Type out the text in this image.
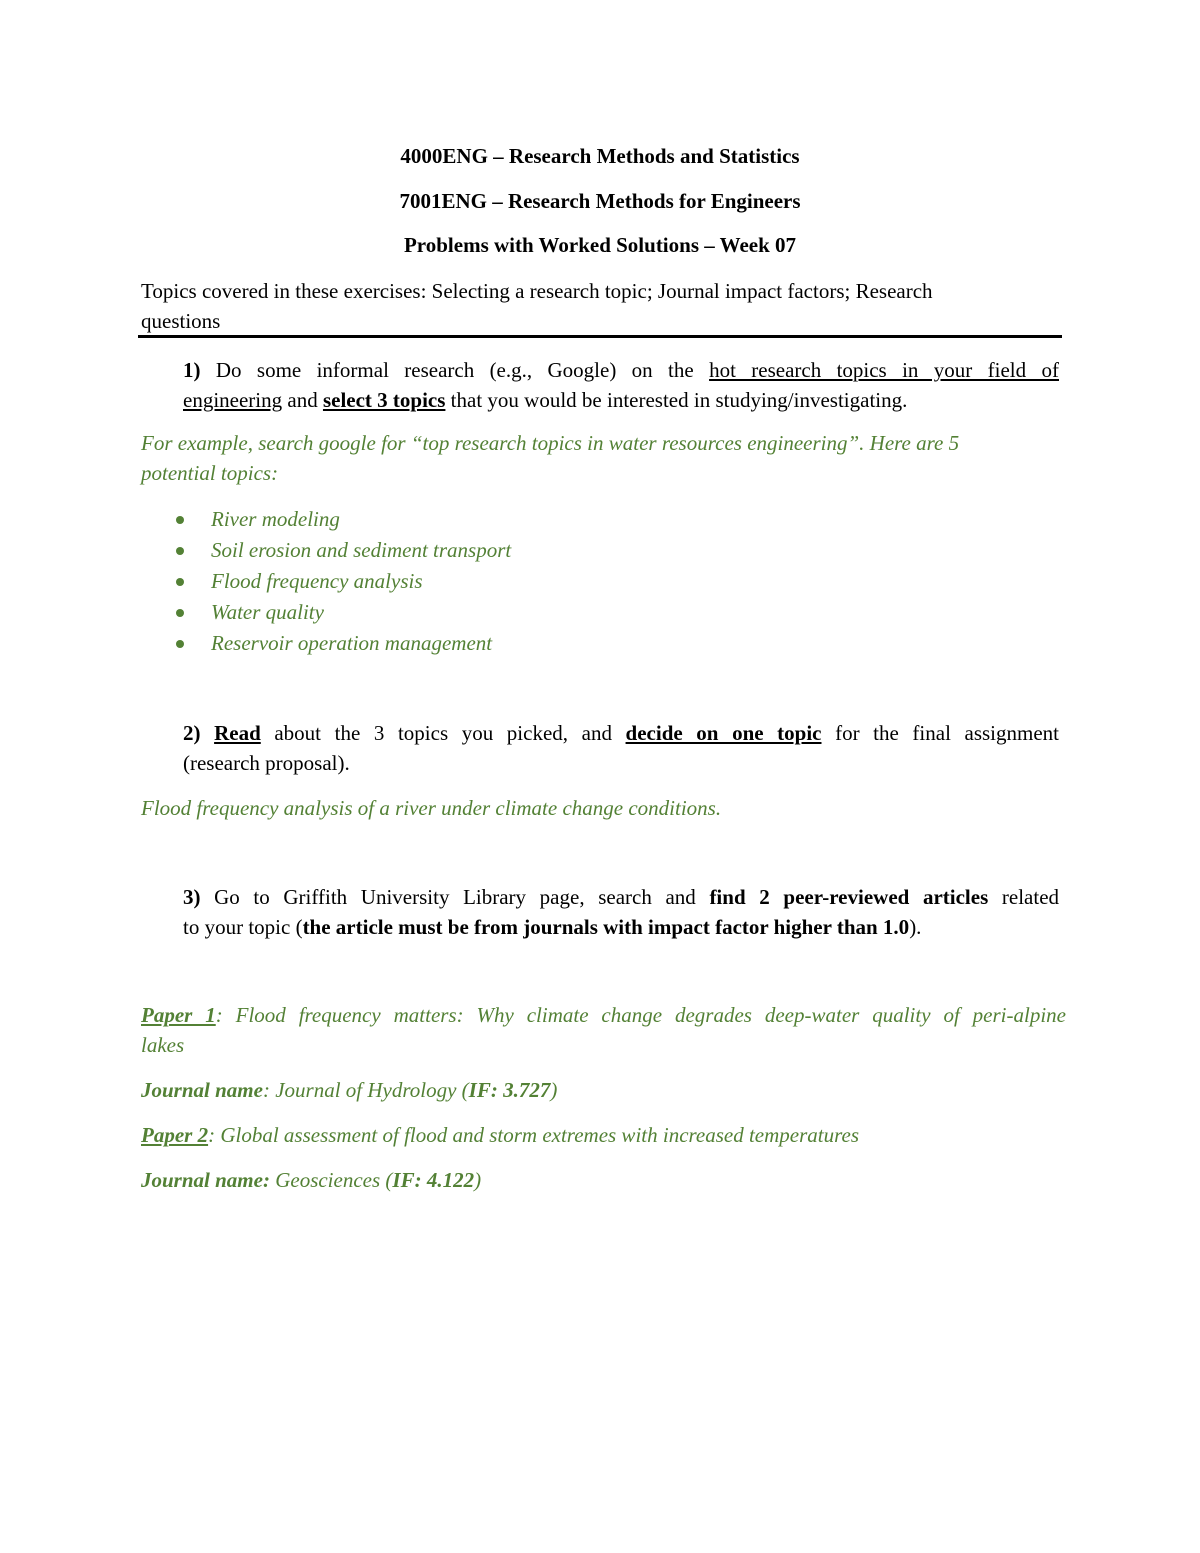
4000ENG – Research Methods and Statistics
7001ENG – Research Methods for Engineers
Problems with Worked Solutions – Week 07
Topics covered in these exercises: Selecting a research topic; Journal impact factors; Research
questions
1) Do some informal research (e.g., Google) on the hot research topics in your field of
engineering and select 3 topics that you would be interested in studying/investigating.
For example, search google for “top research topics in water resources engineering”. Here are 5
potential topics:
River modeling
Soil erosion and sediment transport
Flood frequency analysis
Water quality
Reservoir operation management
2) Read about the 3 topics you picked, and decide on one topic for the final assignment
(research proposal).
Flood frequency analysis of a river under climate change conditions.
3) Go to Griffith University Library page, search and find 2 peer-reviewed articles related
to your topic (the article must be from journals with impact factor higher than 1.0).
Paper 1: Flood frequency matters: Why climate change degrades deep-water quality of peri-alpine
lakes
Journal name: Journal of Hydrology (IF: 3.727)
Paper 2: Global assessment of flood and storm extremes with increased temperatures
Journal name: Geosciences (IF: 4.122)
